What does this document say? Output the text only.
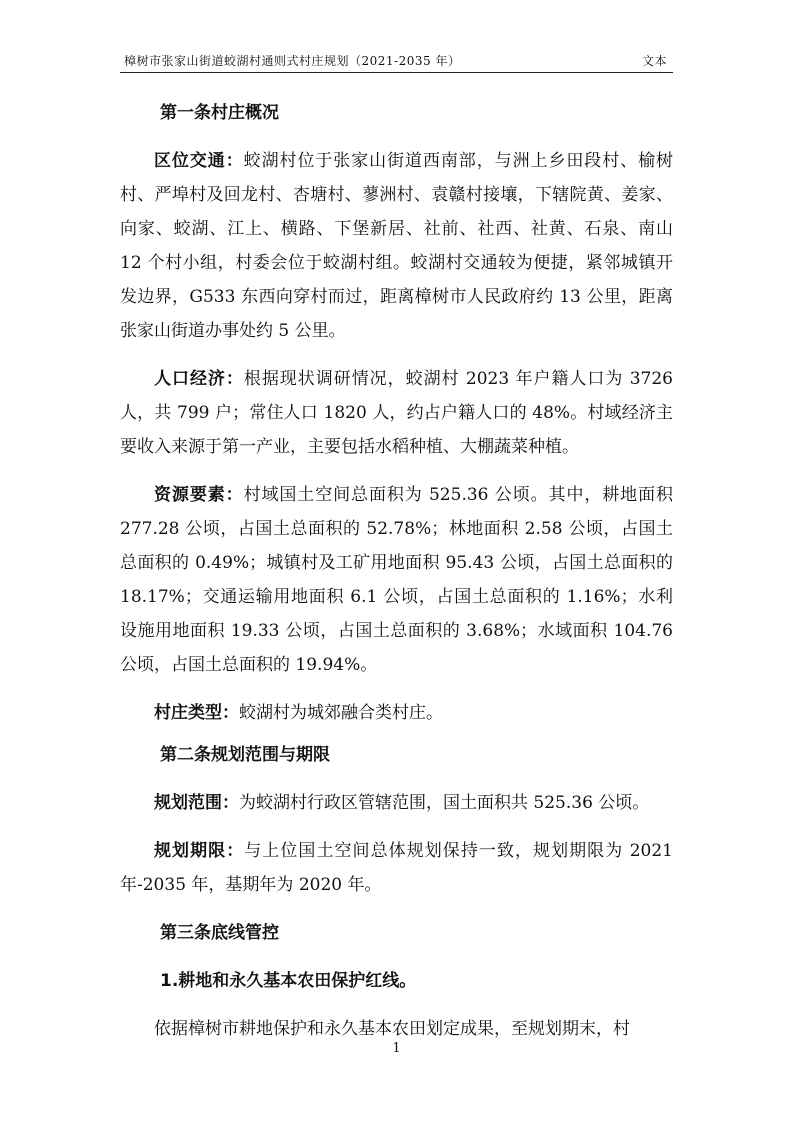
樟树市张家山街道蛟湖村通则式村庄规划（2021-2035 年）	文本

第一条村庄概况

区位交通：蛟湖村位于张家山街道西南部，与洲上乡田段村、榆树村、严埠村及回龙村、杏塘村、蓼洲村、袁赣村接壤，下辖院黄、姜家、向家、蛟湖、江上、横路、下堡新居、社前、社西、社黄、石泉、南山 12 个村小组，村委会位于蛟湖村组。蛟湖村交通较为便捷，紧邻城镇开发边界，G533 东西向穿村而过，距离樟树市人民政府约 13 公里，距离张家山街道办事处约 5 公里。

人口经济：根据现状调研情况，蛟湖村 2023 年户籍人口为 3726 人，共 799 户；常住人口 1820 人，约占户籍人口的 48%。村域经济主要收入来源于第一产业，主要包括水稻种植、大棚蔬菜种植。

资源要素：村域国土空间总面积为 525.36 公顷。其中，耕地面积 277.28 公顷，占国土总面积的 52.78%；林地面积 2.58 公顷，占国土总面积的 0.49%；城镇村及工矿用地面积 95.43 公顷，占国土总面积的 18.17%；交通运输用地面积 6.1 公顷，占国土总面积的 1.16%；水利设施用地面积 19.33 公顷，占国土总面积的 3.68%；水域面积 104.76 公顷，占国土总面积的 19.94%。

村庄类型：蛟湖村为城郊融合类村庄。

第二条规划范围与期限

规划范围：为蛟湖村行政区管辖范围，国土面积共 525.36 公顷。

规划期限：与上位国土空间总体规划保持一致，规划期限为 2021 年-2035 年，基期年为 2020 年。

第三条底线管控

1.耕地和永久基本农田保护红线。

依据樟树市耕地保护和永久基本农田划定成果，至规划期末，村

1
